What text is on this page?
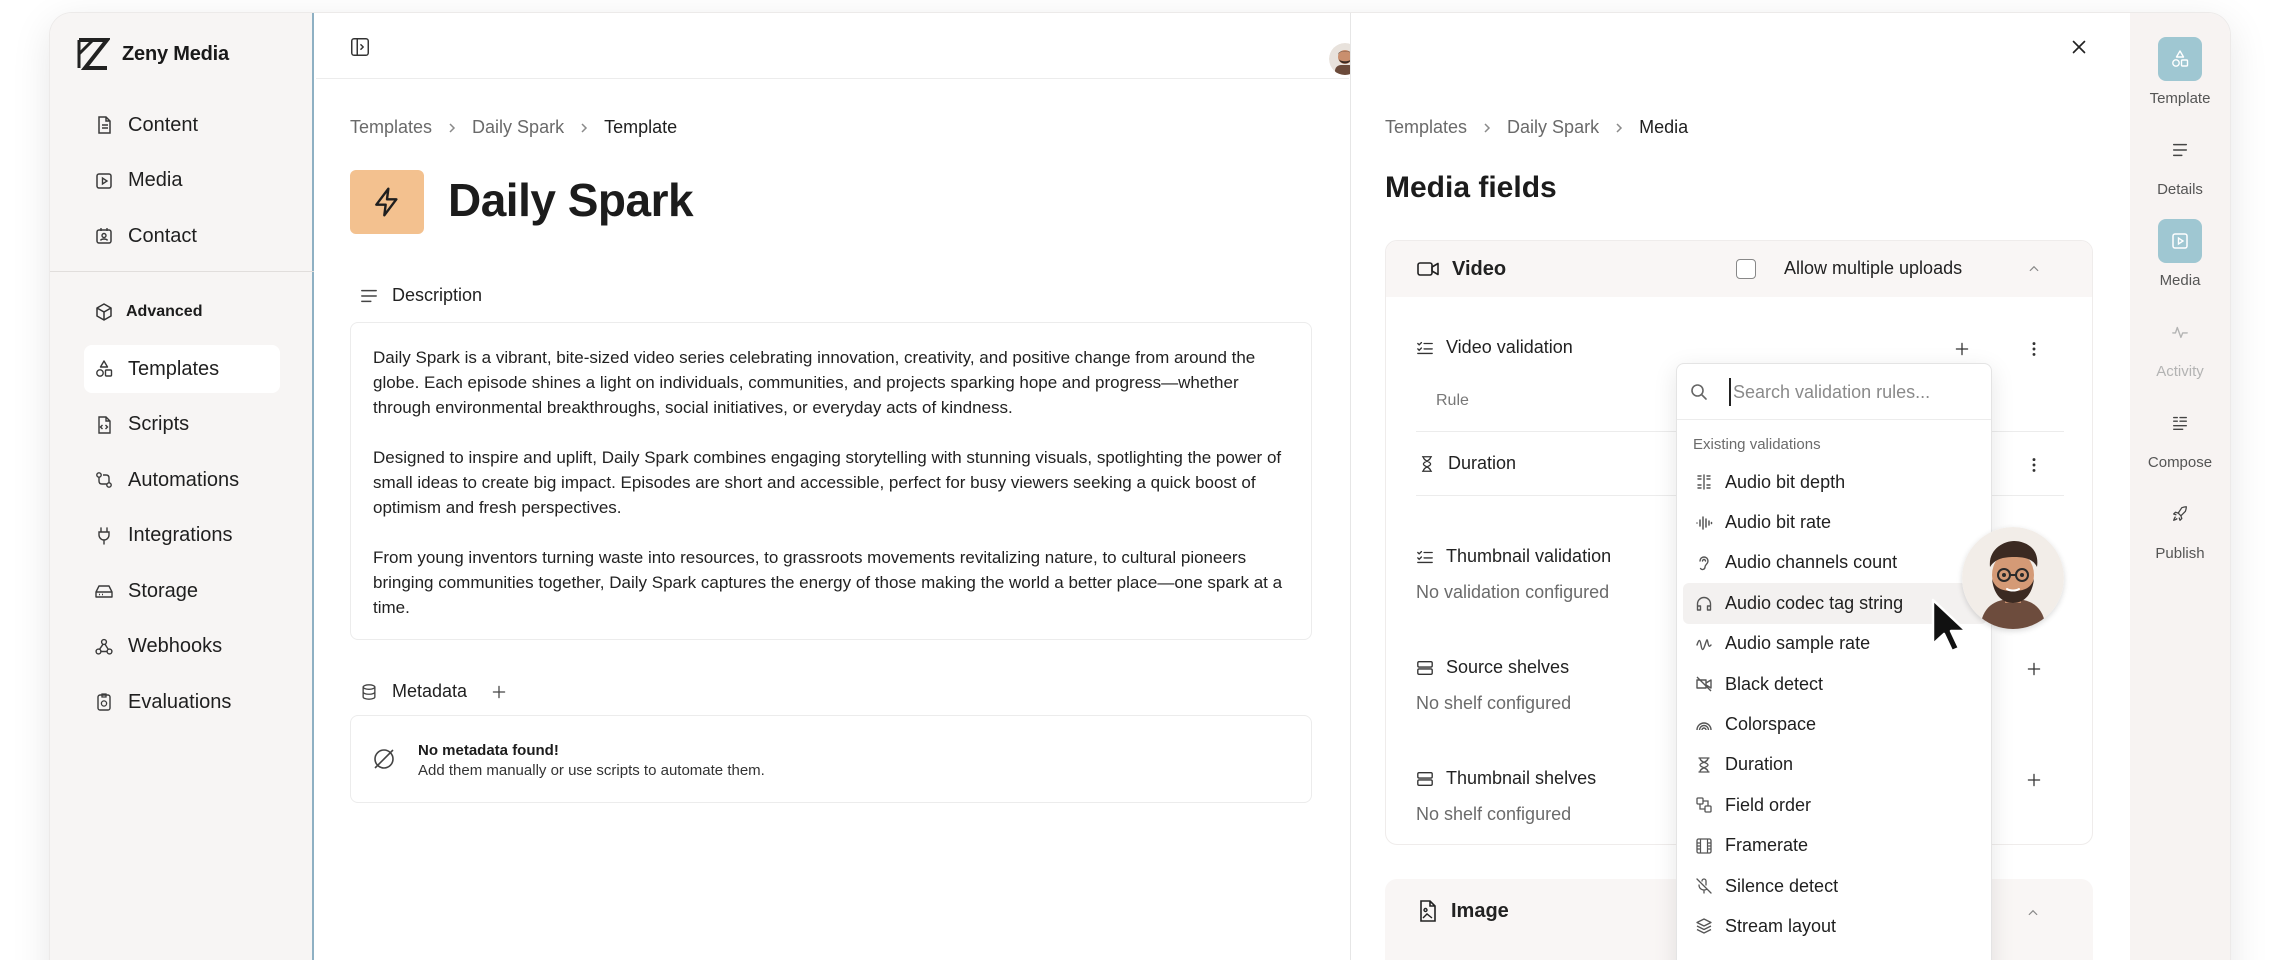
Zeny Media
Content
Media
Contact
Advanced
Templates
Scripts
Automations
Integrations
Storage
Webhooks
Evaluations
Templates Daily Spark Template
Daily Spark
Description

Daily Spark is a vibrant, bite-sized video series celebrating innovation, creativity, and positive change from around the globe. Each episode shines a light on individuals, communities, and projects sparking hope and progress—whether through environmental breakthroughs, social initiatives, or everyday acts of kindness.

Designed to inspire and uplift, Daily Spark combines engaging storytelling with stunning visuals, spotlighting the power of small ideas to create big impact. Episodes are short and accessible, perfect for busy viewers seeking a quick boost of optimism and fresh perspectives.

From young inventors turning waste into resources, to grassroots movements revitalizing nature, to cultural pioneers bringing communities together, Daily Spark captures the energy of those making the world a better place—one spark at a time.

Metadata
No metadata found!
Add them manually or use scripts to automate them.
Templates Daily Spark Media
Media fields
Video	Allow multiple uploads
Video validation
Rule
Duration
Thumbnail validation
No validation configured
Source shelves
No shelf configured
Thumbnail shelves
No shelf configured
Image
Template
Details
Media
Activity
Compose
Publish
Search validation rules...
Existing validations
Audio bit depth
Audio bit rate
Audio channels count
Audio codec tag string
Audio sample rate
Black detect
Colorspace
Duration
Field order
Framerate
Silence detect
Stream layout
